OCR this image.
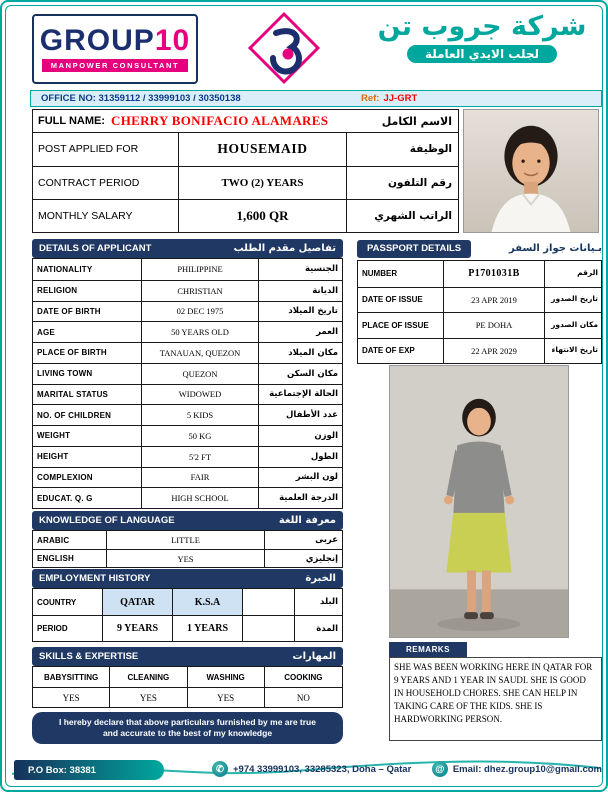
GROUP10
MANPOWER CONSULTANT
شركة جروب تن
لجلب الايدي العاملة
OFFICE NO: 31359112 / 33999103 / 30350138	Ref: JJ-GRT
FULL NAME: CHERRY BONIFACIO ALAMARES	الاسم الكامل
POST APPLIED FOR	HOUSEMAID	الوظيفة
CONTRACT PERIOD	TWO (2) YEARS	رقم التلفون
MONTHLY SALARY	1,600 QR	الراتب الشهري
DETAILS OF APPLICANT	تفاصيل مقدم الطلب
NATIONALITY	PHILIPPINE	الجنسية
RELIGION	CHRISTIAN	الديانة
DATE OF BIRTH	02 DEC 1975	تاريخ الميلاد
AGE	50 YEARS OLD	العمر
PLACE OF BIRTH	TANAUAN, QUEZON	مكان الميلاد
LIVING TOWN	QUEZON	مكان السكن
MARITAL STATUS	WIDOWED	الحالة الإجتماعية
NO. OF CHILDREN	5 KIDS	عدد الأطفال
WEIGHT	50 KG	الوزن
HEIGHT	5'2 FT	الطول
COMPLEXION	FAIR	لون البشر
EDUCAT. Q. G	HIGH SCHOOL	الدرجة العلمية
KNOWLEDGE OF LANGUAGE	معرفة اللغة
ARABIC	LITTLE	عربى
ENGLISH	YES	إنجليزي
EMPLOYMENT HISTORY	الخبرة
COUNTRY	QATAR	K.S.A	البلد
PERIOD	9 YEARS	1 YEARS	المدة
SKILLS & EXPERTISE	المهارات
BABYSITTING	CLEANING	WASHING	COOKING
YES	YES	YES	NO
I hereby declare that above particulars furnished by me are true and accurate to the best of my knowledge
PASSPORT DETAILS	بـيانات جواز السفر
NUMBER	P1701031B	الرقم
DATE OF ISSUE	23 APR 2019	تاريخ الصدور
PLACE OF ISSUE	PE DOHA	مكان الصدور
DATE OF EXP	22 APR 2029	تاريخ الانتهاء
REMARKS
SHE WAS BEEN WORKING HERE IN QATAR FOR 9 YEARS AND 1 YEAR IN SAUDI. SHE IS GOOD IN HOUSEHOLD CHORES. SHE CAN HELP IN TAKING CARE OF THE KIDS. SHE IS HARDWORKING PERSON.
P.O Box: 38381	✆ +974 33999103, 33285323, Doha – Qatar	@ Email: dhez.group10@gmail.com
